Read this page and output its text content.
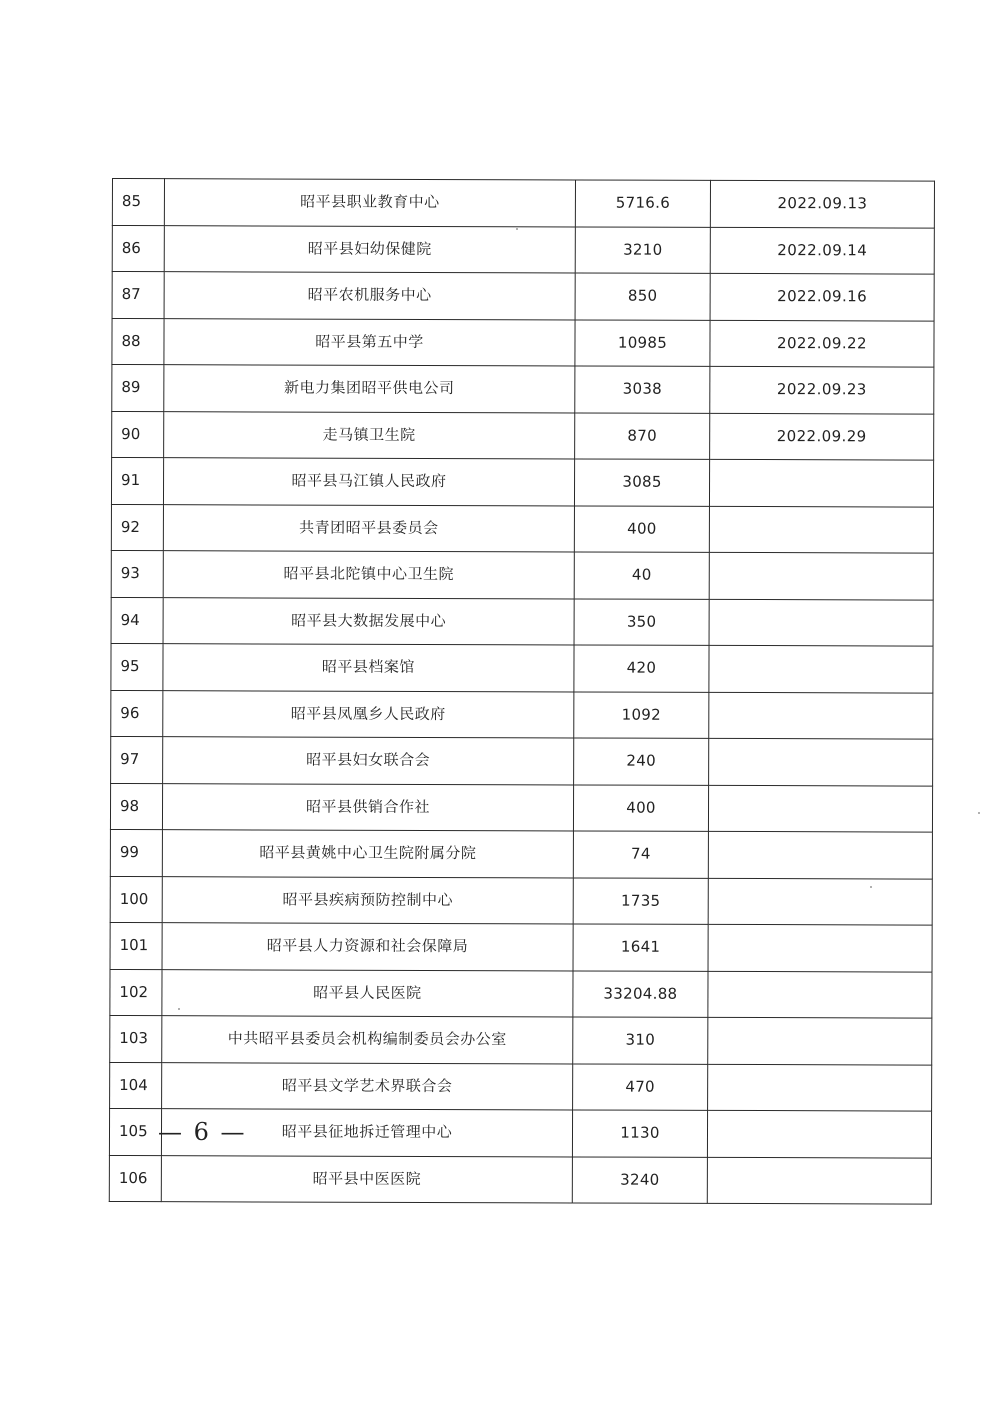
85	昭平县职业教育中心	5716.6	2022.09.13
86	昭平县妇幼保健院	3210	2022.09.14
87	昭平农机服务中心	850	2022.09.16
88	昭平县第五中学	10985	2022.09.22
89	新电力集团昭平供电公司	3038	2022.09.23
90	走马镇卫生院	870	2022.09.29
91	昭平县马江镇人民政府	3085	
92	共青团昭平县委员会	400	
93	昭平县北陀镇中心卫生院	40	
94	昭平县大数据发展中心	350	
95	昭平县档案馆	420	
96	昭平县凤凰乡人民政府	1092	
97	昭平县妇女联合会	240	
98	昭平县供销合作社	400	
99	昭平县黄姚中心卫生院附属分院	74	
100	昭平县疾病预防控制中心	1735	
101	昭平县人力资源和社会保障局	1641	
102	昭平县人民医院	33204.88	
103	中共昭平县委员会机构编制委员会办公室	310	
104	昭平县文学艺术界联合会	470	
105	昭平县征地拆迁管理中心	1130	
106	昭平县中医医院	3240	
— 6 —
